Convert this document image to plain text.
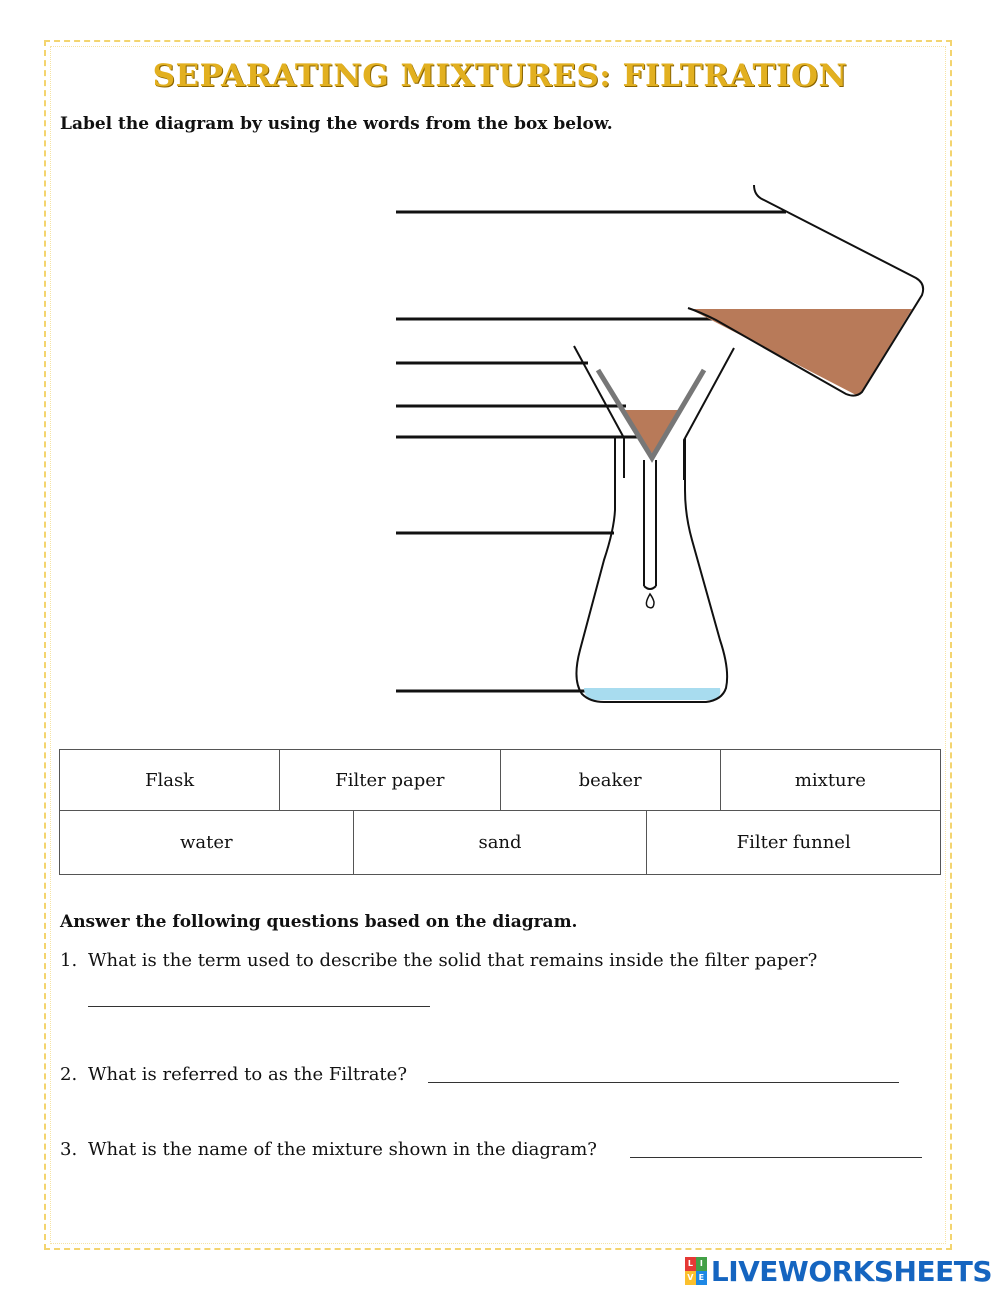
SEPARATING MIXTURES: FILTRATION
Label the diagram by using the words from the box below.
Flask	Filter paper	beaker	mixture
water	sand	Filter funnel
Answer the following questions based on the diagram.
1. What is the term used to describe the solid that remains inside the filter paper?
2. What is referred to as the Filtrate?
3. What is the name of the mixture shown in the diagram?
L I
V E LIVEWORKSHEETS
